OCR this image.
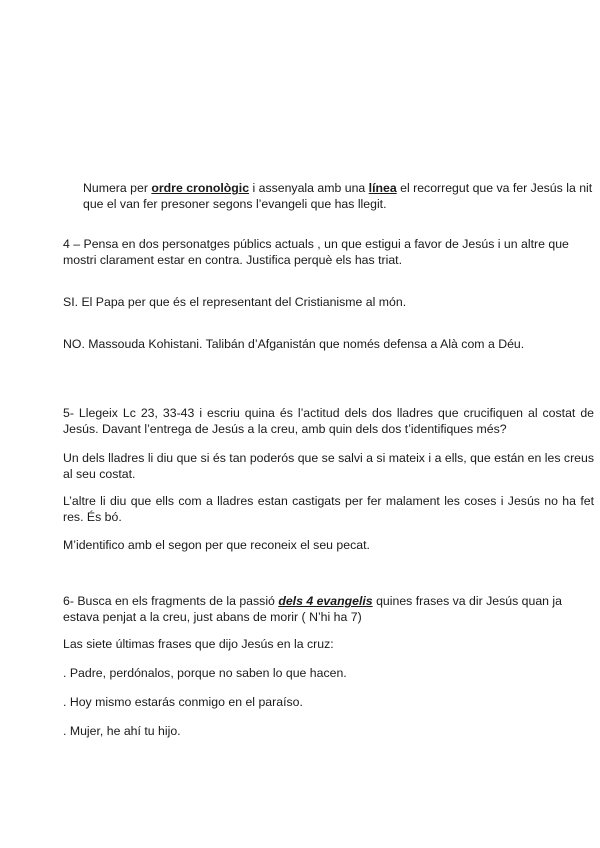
Numera per ordre cronològic i assenyala amb una línea el recorregut que va fer Jesús la nit que el van fer presoner segons l’evangeli que has llegit.
4 – Pensa en dos personatges públics actuals , un que estigui a favor de Jesús i un altre que mostri clarament estar en contra. Justifica perquè els has triat.
SI. El Papa per que és el representant del Cristianisme al món.
NO. Massouda Kohistani. Talibán d’Afganistán que només defensa a Alà com a Déu.
5- Llegeix Lc 23, 33-43 i escriu quina és l’actitud dels dos lladres que crucifiquen al costat de Jesús. Davant l’entrega de Jesús a la creu, amb quin dels dos t’identifiques més?
Un dels lladres li diu que si és tan poderós que se salvi a si mateix i a ells, que están en les creus al seu costat.
L’altre li diu que ells com a lladres estan castigats per fer malament les coses i Jesús no ha fet res. És bó.
M’identifico amb el segon per que reconeix el seu pecat.
6- Busca en els fragments de la passió dels 4 evangelis quines frases va dir Jesús quan ja estava penjat a la creu, just abans de morir ( N’hi ha 7)
Las siete últimas frases que dijo Jesús en la cruz:
. Padre, perdónalos, porque no saben lo que hacen.
. Hoy mismo estarás conmigo en el paraíso.
. Mujer, he ahí tu hijo.
